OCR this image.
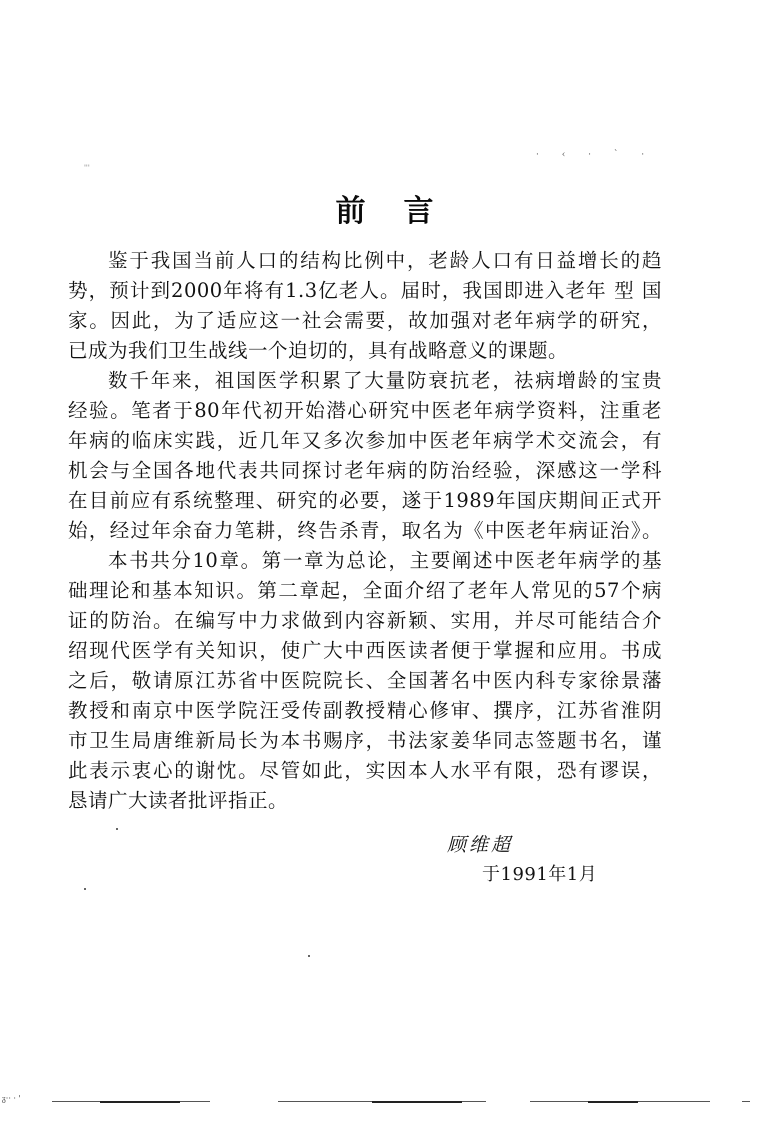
'''
· ‹ · ` ·
前言
鉴于我国当前人口的结构比例中，老龄人口有日益增长的趋
势，预计到2000年将有1.3亿老人。届时，我国即进入老年 型 国
家。因此，为了适应这一社会需要，故加强对老年病学的研究，
已成为我们卫生战线一个迫切的，具有战略意义的课题。
数千年来，祖国医学积累了大量防衰抗老，祛病增龄的宝贵
经验。笔者于80年代初开始潜心研究中医老年病学资料，注重老
年病的临床实践，近几年又多次参加中医老年病学术交流会，有
机会与全国各地代表共同探讨老年病的防治经验，深感这一学科
在目前应有系统整理、研究的必要，遂于1989年国庆期间正式开
始，经过年余奋力笔耕，终告杀青，取名为《中医老年病证治》。
本书共分10章。第一章为总论，主要阐述中医老年病学的基
础理论和基本知识。第二章起，全面介绍了老年人常见的57个病
证的防治。在编写中力求做到内容新颖、实用，并尽可能结合介
绍现代医学有关知识，使广大中西医读者便于掌握和应用。书成
之后，敬请原江苏省中医院院长、全国著名中医内科专家徐景藩
教授和南京中医学院汪受传副教授精心修审、撰序，江苏省淮阴
市卫生局唐维新局长为本书赐序，书法家姜华同志签题书名，谨
此表示衷心的谢忱。尽管如此，实因本人水平有限，恐有谬误，
恳请广大读者批评指正。
顾维超
于1991年1月
ᵹ·· · '
